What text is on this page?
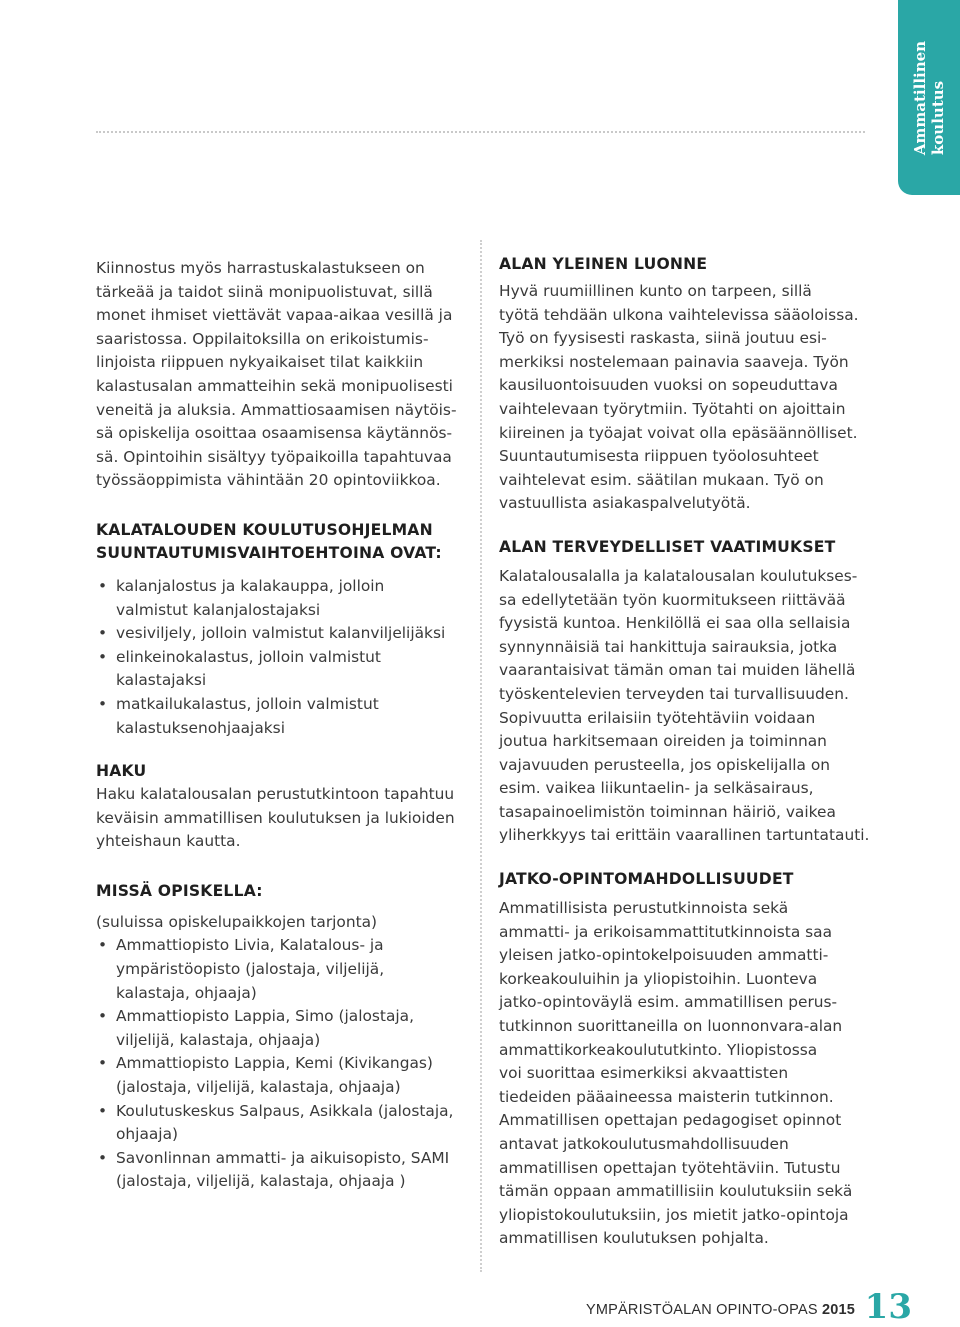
Ammatillinen koulutus

Kiinnostus myös harrastuskalastukseen on
tärkeää ja taidot siinä monipuolistuvat, sillä
monet ihmiset viettävät vapaa-aikaa vesillä ja
saaristossa. Oppilaitoksilla on erikoistumis-
linjoista riippuen nykyaikaiset tilat kaikkiin
kalastusalan ammatteihin sekä monipuolisesti
veneitä ja aluksia. Ammattiosaamisen näytöis-
sä opiskelija osoittaa osaamisensa käytännös-
sä. Opintoihin sisältyy työpaikoilla tapahtuvaa
työssäoppimista vähintään 20 opintoviikkoa.

KALATALOUDEN KOULUTUSOHJELMAN
SUUNTAUTUMISVAIHTOEHTOINA OVAT:
• kalanjalostus ja kalakauppa, jolloin
valmistut kalanjalostajaksi
• vesiviljely, jolloin valmistut kalanviljelijäksi
• elinkeinokalastus, jolloin valmistut
kalastajaksi
• matkailukalastus, jolloin valmistut
kalastuksenohjaajaksi
HAKU

Haku kalatalousalan perustutkintoon tapahtuu
keväisin ammatillisen koulutuksen ja lukioiden
yhteishaun kautta.

MISSÄ OPISKELLA:

(suluissa opiskelupaikkojen tarjonta)

• Ammattiopisto Livia, Kalatalous- ja
ympäristöopisto (jalostaja, viljelijä,
kalastaja, ohjaaja)
• Ammattiopisto Lappia, Simo (jalostaja,
viljelijä, kalastaja, ohjaaja)
• Ammattiopisto Lappia, Kemi (Kivikangas)
(jalostaja, viljelijä, kalastaja, ohjaaja)
• Koulutuskeskus Salpaus, Asikkala (jalostaja,
ohjaaja)
• Savonlinnan ammatti- ja aikuisopisto, SAMI
(jalostaja, viljelijä, kalastaja, ohjaaja )
ALAN YLEINEN LUONNE

Hyvä ruumiillinen kunto on tarpeen, sillä
työtä tehdään ulkona vaihtelevissa sääoloissa.
Työ on fyysisesti raskasta, siinä joutuu esi-
merkiksi nostelemaan painavia saaveja. Työn
kausiluontoisuuden vuoksi on sopeuduttava
vaihtelevaan työrytmiin. Työtahti on ajoittain
kiireinen ja työajat voivat olla epäsäännölliset.
Suuntautumisesta riippuen työolosuhteet
vaihtelevat esim. säätilan mukaan. Työ on
vastuullista asiakaspalvelutyötä.

ALAN TERVEYDELLISET VAATIMUKSET

Kalatalousalalla ja kalatalousalan koulutukses-
sa edellytetään työn kuormitukseen riittävää
fyysistä kuntoa. Henkilöllä ei saa olla sellaisia
synnynnäisiä tai hankittuja sairauksia, jotka
vaarantaisivat tämän oman tai muiden lähellä
työskentelevien terveyden tai turvallisuuden.
Sopivuutta erilaisiin työtehtäviin voidaan
joutua harkitsemaan oireiden ja toiminnan
vajavuuden perusteella, jos opiskelijalla on
esim. vaikea liikuntaelin- ja selkäsairaus,
tasapainoelimistön toiminnan häiriö, vaikea
yliherkkyys tai erittäin vaarallinen tartuntatauti.

JATKO-OPINTOMAHDOLLISUUDET

Ammatillisista perustutkinnoista sekä
ammatti- ja erikoisammattitutkinnoista saa
yleisen jatko-opintokelpoisuuden ammatti-
korkeakouluihin ja yliopistoihin. Luonteva
jatko-opintoväylä esim. ammatillisen perus-
tutkinnon suorittaneilla on luonnonvara-alan
ammattikorkeakoulututkinto. Yliopistossa
voi suorittaa esimerkiksi akvaattisten
tiedeiden pääaineessa maisterin tutkinnon.
Ammatillisen opettajan pedagogiset opinnot
antavat jatkokoulutusmahdollisuuden
ammatillisen opettajan työtehtäviin. Tutustu
tämän oppaan ammatillisiin koulutuksiin sekä
yliopistokoulutuksiin, jos mietit jatko-opintoja
ammatillisen koulutuksen pohjalta.

YMPÄRISTÖALAN OPINTO-OPAS 2015 13
